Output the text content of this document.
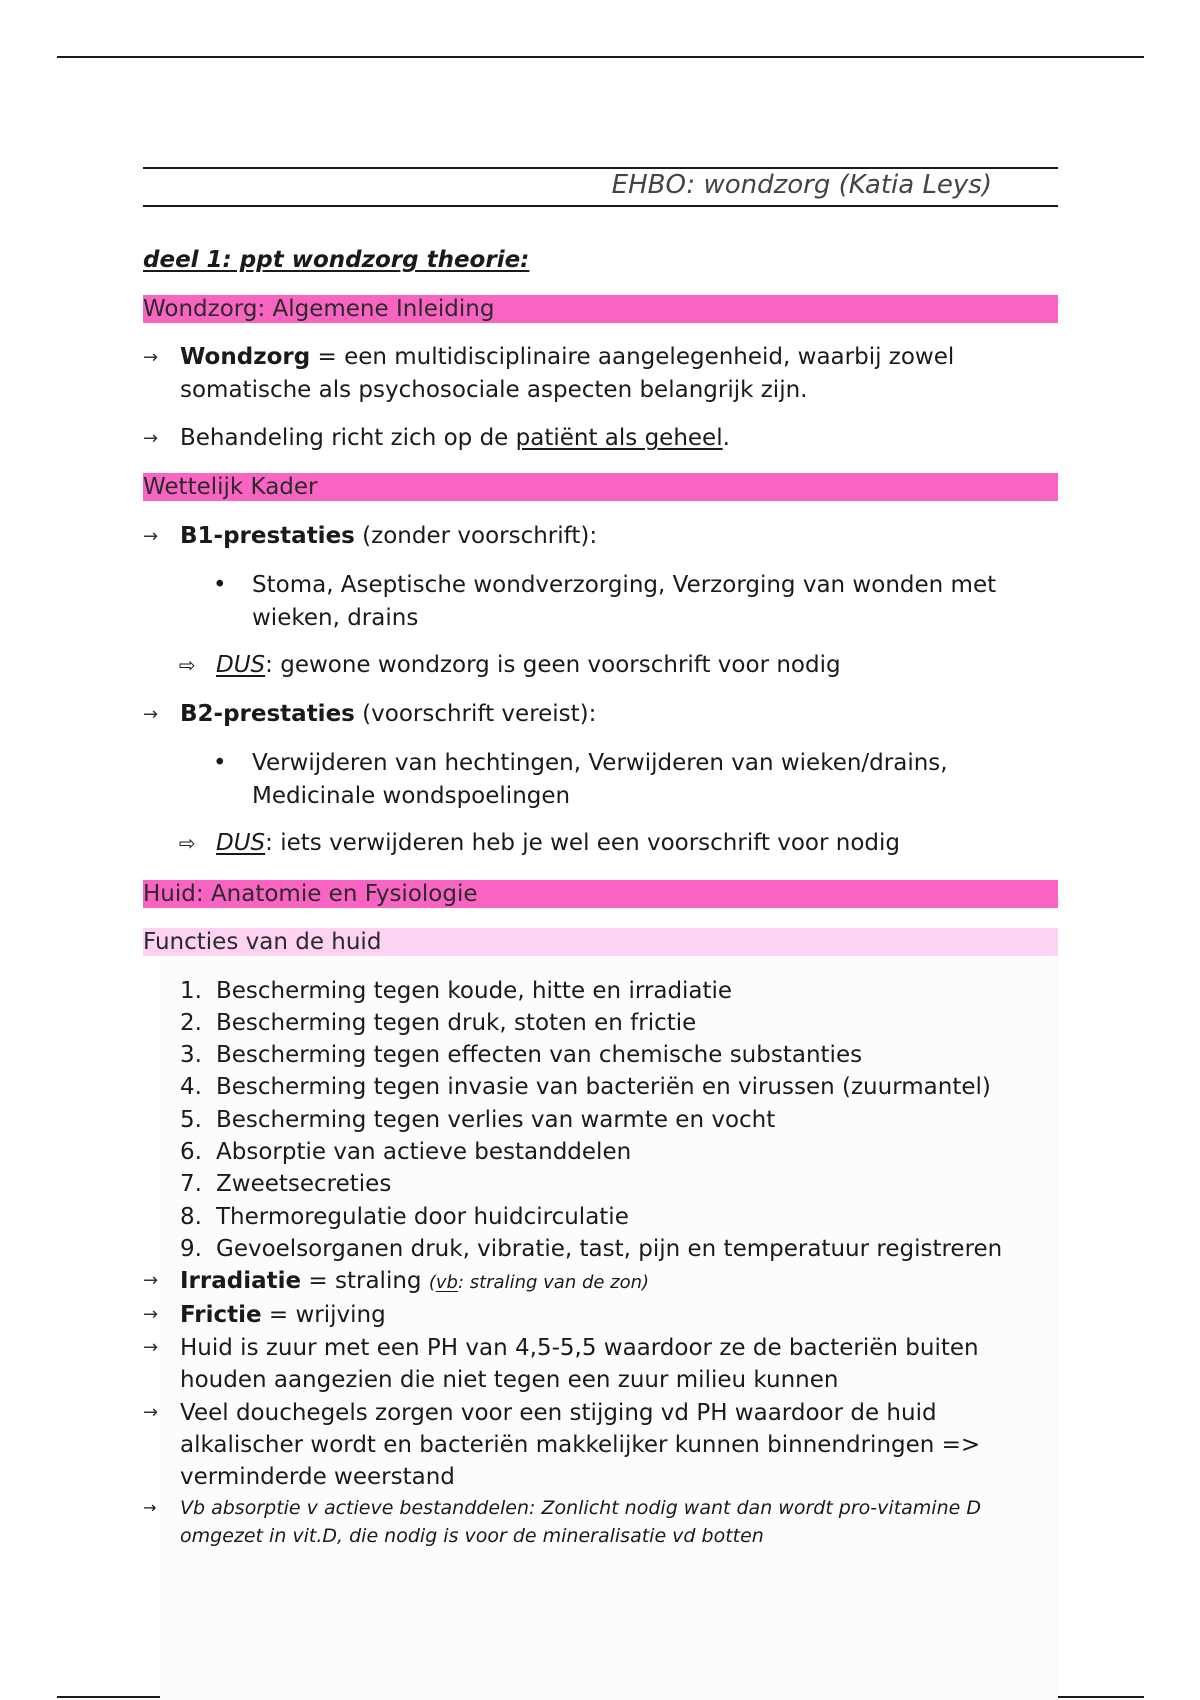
EHBO: wondzorg (Katia Leys)
deel 1: ppt wondzorg theorie:
Wondzorg: Algemene Inleiding
→ Wondzorg = een multidisciplinaire aangelegenheid, waarbij zowel somatische als psychosociale aspecten belangrijk zijn.
→ Behandeling richt zich op de patiënt als geheel.
Wettelijk Kader
→ B1-prestaties (zonder voorschrift):
• Stoma, Aseptische wondverzorging, Verzorging van wonden met wieken, drains
⇨ DUS: gewone wondzorg is geen voorschrift voor nodig
→ B2-prestaties (voorschrift vereist):
• Verwijderen van hechtingen, Verwijderen van wieken/drains, Medicinale wondspoelingen
⇨ DUS: iets verwijderen heb je wel een voorschrift voor nodig
Huid: Anatomie en Fysiologie
Functies van de huid
1. Bescherming tegen koude, hitte en irradiatie
2. Bescherming tegen druk, stoten en frictie
3. Bescherming tegen effecten van chemische substanties
4. Bescherming tegen invasie van bacteriën en virussen (zuurmantel)
5. Bescherming tegen verlies van warmte en vocht
6. Absorptie van actieve bestanddelen
7. Zweetsecreties
8. Thermoregulatie door huidcirculatie
9. Gevoelsorganen druk, vibratie, tast, pijn en temperatuur registreren
→ Irradiatie = straling (vb: straling van de zon)
→ Frictie = wrijving
→ Huid is zuur met een PH van 4,5-5,5 waardoor ze de bacteriën buiten houden aangezien die niet tegen een zuur milieu kunnen
→ Veel douchegels zorgen voor een stijging vd PH waardoor de huid alkalischer wordt en bacteriën makkelijker kunnen binnendringen => verminderde weerstand
→ Vb absorptie v actieve bestanddelen: Zonlicht nodig want dan wordt pro-vitamine D omgezet in vit.D, die nodig is voor de mineralisatie vd botten
